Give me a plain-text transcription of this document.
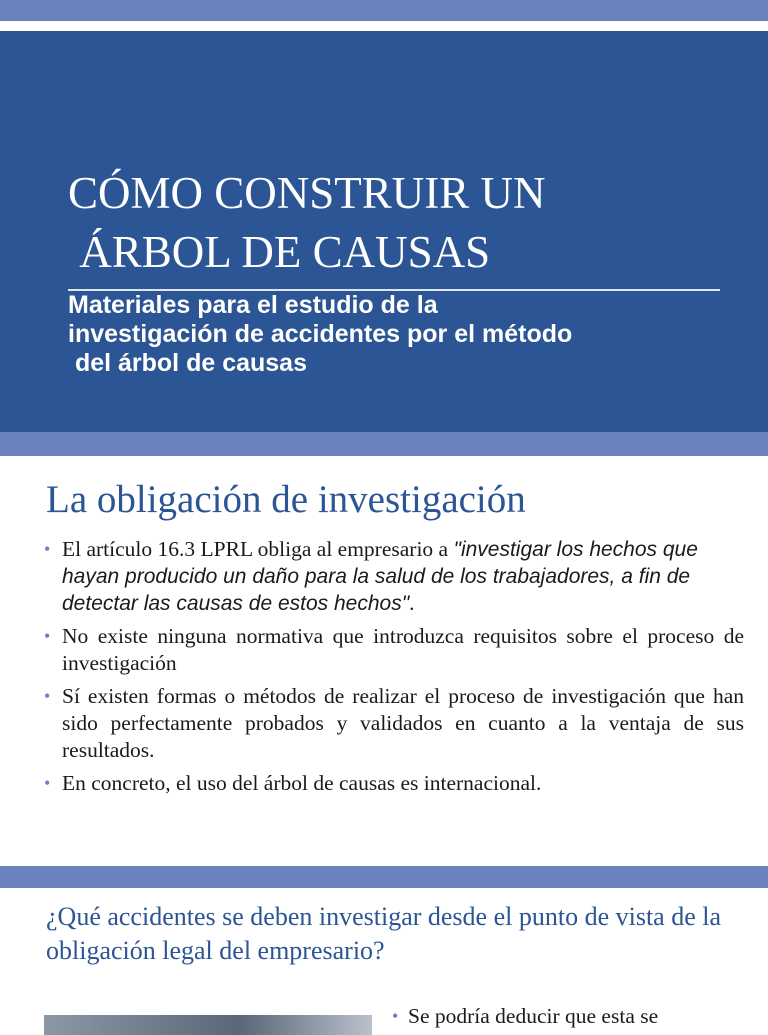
CÓMO CONSTRUIR UN
ÁRBOL DE CAUSAS
Materiales para el estudio de la
investigación de accidentes por el método
del árbol de causas
La obligación de investigación
• El artículo 16.3 LPRL obliga al empresario a "investigar los hechos que hayan producido un daño para la salud de los trabajadores, a fin de detectar las causas de estos hechos".
• No existe ninguna normativa que introduzca requisitos sobre el proceso de investigación
• Sí existen formas o métodos de realizar el proceso de investigación que han sido perfectamente probados y validados en cuanto a la ventaja de sus resultados.
• En concreto, el uso del árbol de causas es internacional.
¿Qué accidentes se deben investigar desde el punto de vista de la obligación legal del empresario?
• Se podría deducir que esta se
